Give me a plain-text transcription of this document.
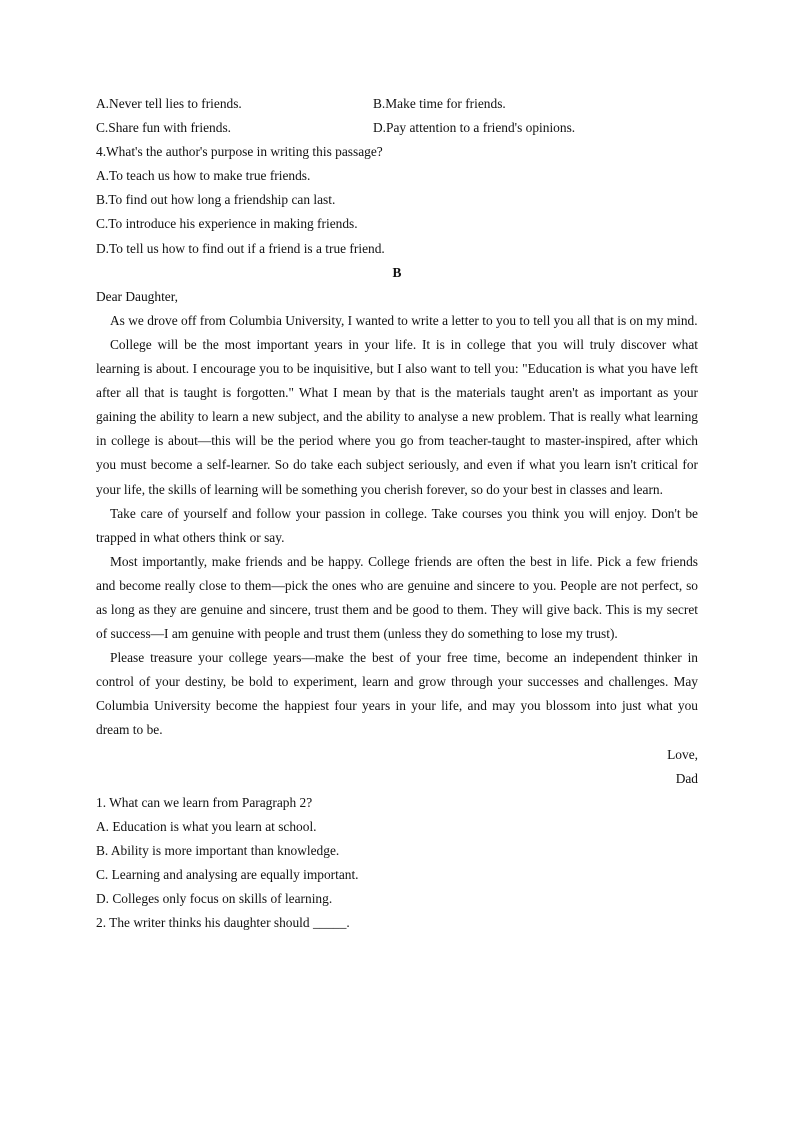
A.Never tell lies to friends.	B.Make time for friends.
C.Share fun with friends.	D.Pay attention to a friend's opinions.
4.What's the author's purpose in writing this passage?
A.To teach us how to make true friends.
B.To find out how long a friendship can last.
C.To introduce his experience in making friends.
D.To tell us how to find out if a friend is a true friend.
B
Dear Daughter,

As we drove off from Columbia University, I wanted to write a letter to you to tell you all that is on my mind.

College will be the most important years in your life. It is in college that you will truly discover what learning is about. I encourage you to be inquisitive, but I also want to tell you: "Education is what you have left after all that is taught is forgotten." What I mean by that is the materials taught aren't as important as your gaining the ability to learn a new subject, and the ability to analyse a new problem. That is really what learning in college is about—this will be the period where you go from teacher-taught to master-inspired, after which you must become a self-learner. So do take each subject seriously, and even if what you learn isn't critical for your life, the skills of learning will be something you cherish forever, so do your best in classes and learn.

Take care of yourself and follow your passion in college. Take courses you think you will enjoy. Don't be trapped in what others think or say.

Most importantly, make friends and be happy. College friends are often the best in life. Pick a few friends and become really close to them—pick the ones who are genuine and sincere to you. People are not perfect, so as long as they are genuine and sincere, trust them and be good to them. They will give back. This is my secret of success—I am genuine with people and trust them (unless they do something to lose my trust).

Please treasure your college years—make the best of your free time, become an independent thinker in control of your destiny, be bold to experiment, learn and grow through your successes and challenges. May Columbia University become the happiest four years in your life, and may you blossom into just what you dream to be.

Love,
Dad
1. What can we learn from Paragraph 2?
A. Education is what you learn at school.
B. Ability is more important than knowledge.
C. Learning and analysing are equally important.
D. Colleges only focus on skills of learning.
2. The writer thinks his daughter should _____.
